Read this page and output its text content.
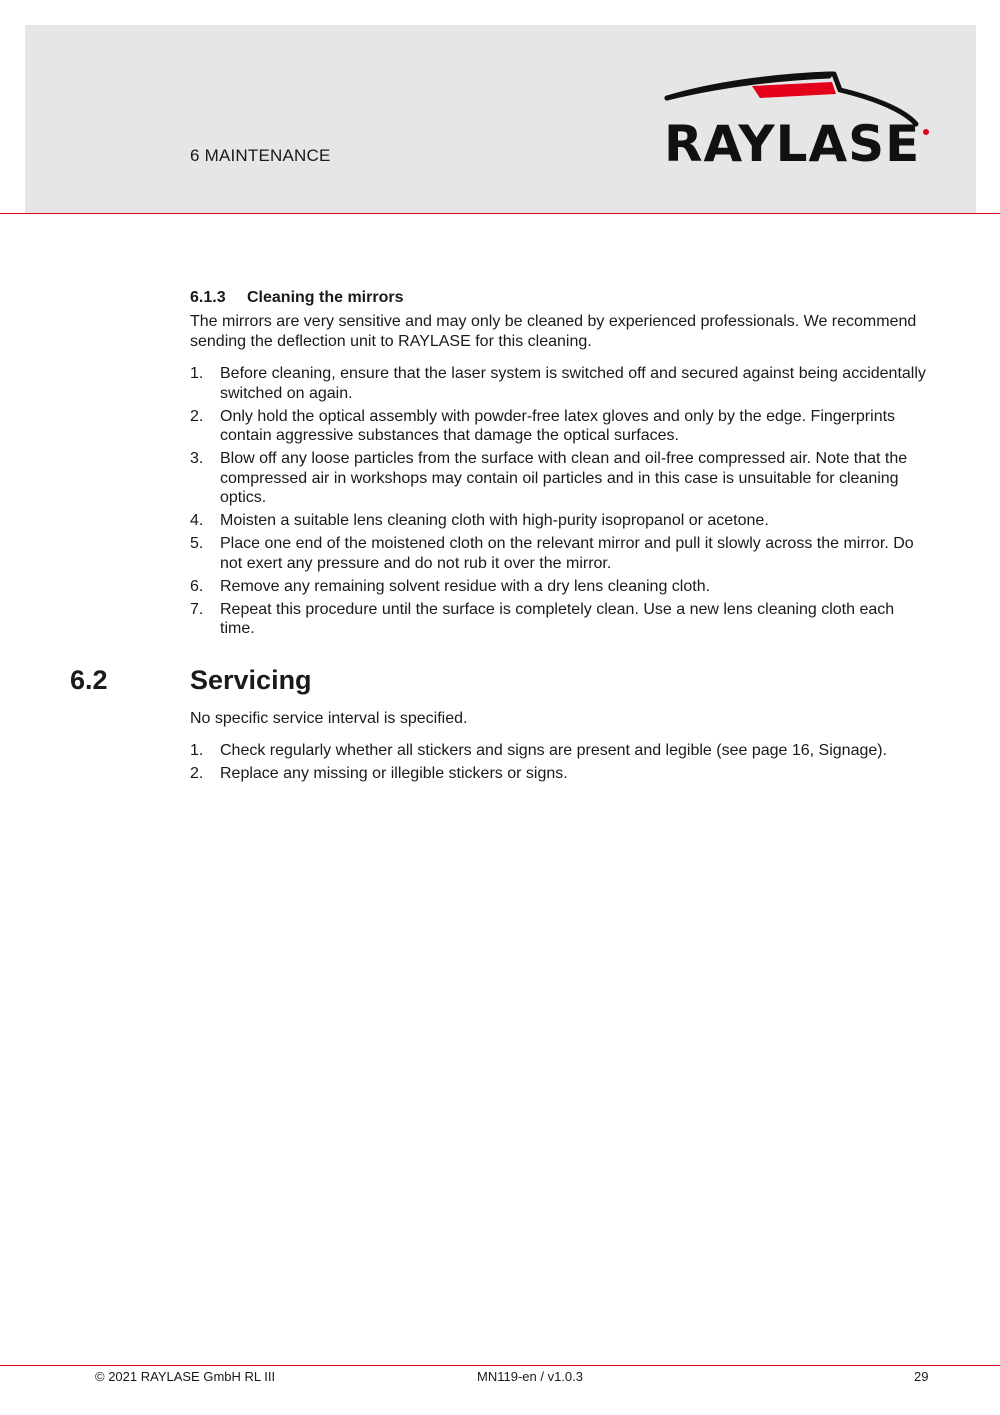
6 MAINTENANCE	RAYLASE
6.1.3 Cleaning the mirrors
The mirrors are very sensitive and may only be cleaned by experienced professionals. We recommend sending the deflection unit to RAYLASE for this cleaning.
1. Before cleaning, ensure that the laser system is switched off and secured against being accidentally switched on again.
2. Only hold the optical assembly with powder-free latex gloves and only by the edge. Fingerprints contain aggressive substances that damage the optical surfaces.
3. Blow off any loose particles from the surface with clean and oil-free compressed air. Note that the compressed air in workshops may contain oil particles and in this case is unsuitable for cleaning optics.
4. Moisten a suitable lens cleaning cloth with high-purity isopropanol or acetone.
5. Place one end of the moistened cloth on the relevant mirror and pull it slowly across the mirror. Do not exert any pressure and do not rub it over the mirror.
6. Remove any remaining solvent residue with a dry lens cleaning cloth.
7. Repeat this procedure until the surface is completely clean. Use a new lens cleaning cloth each time.
6.2	Servicing
No specific service interval is specified.
1. Check regularly whether all stickers and signs are present and legible (see page 16, Signage).
2. Replace any missing or illegible stickers or signs.
© 2021 RAYLASE GmbH RL III	MN119-en / v1.0.3	29
